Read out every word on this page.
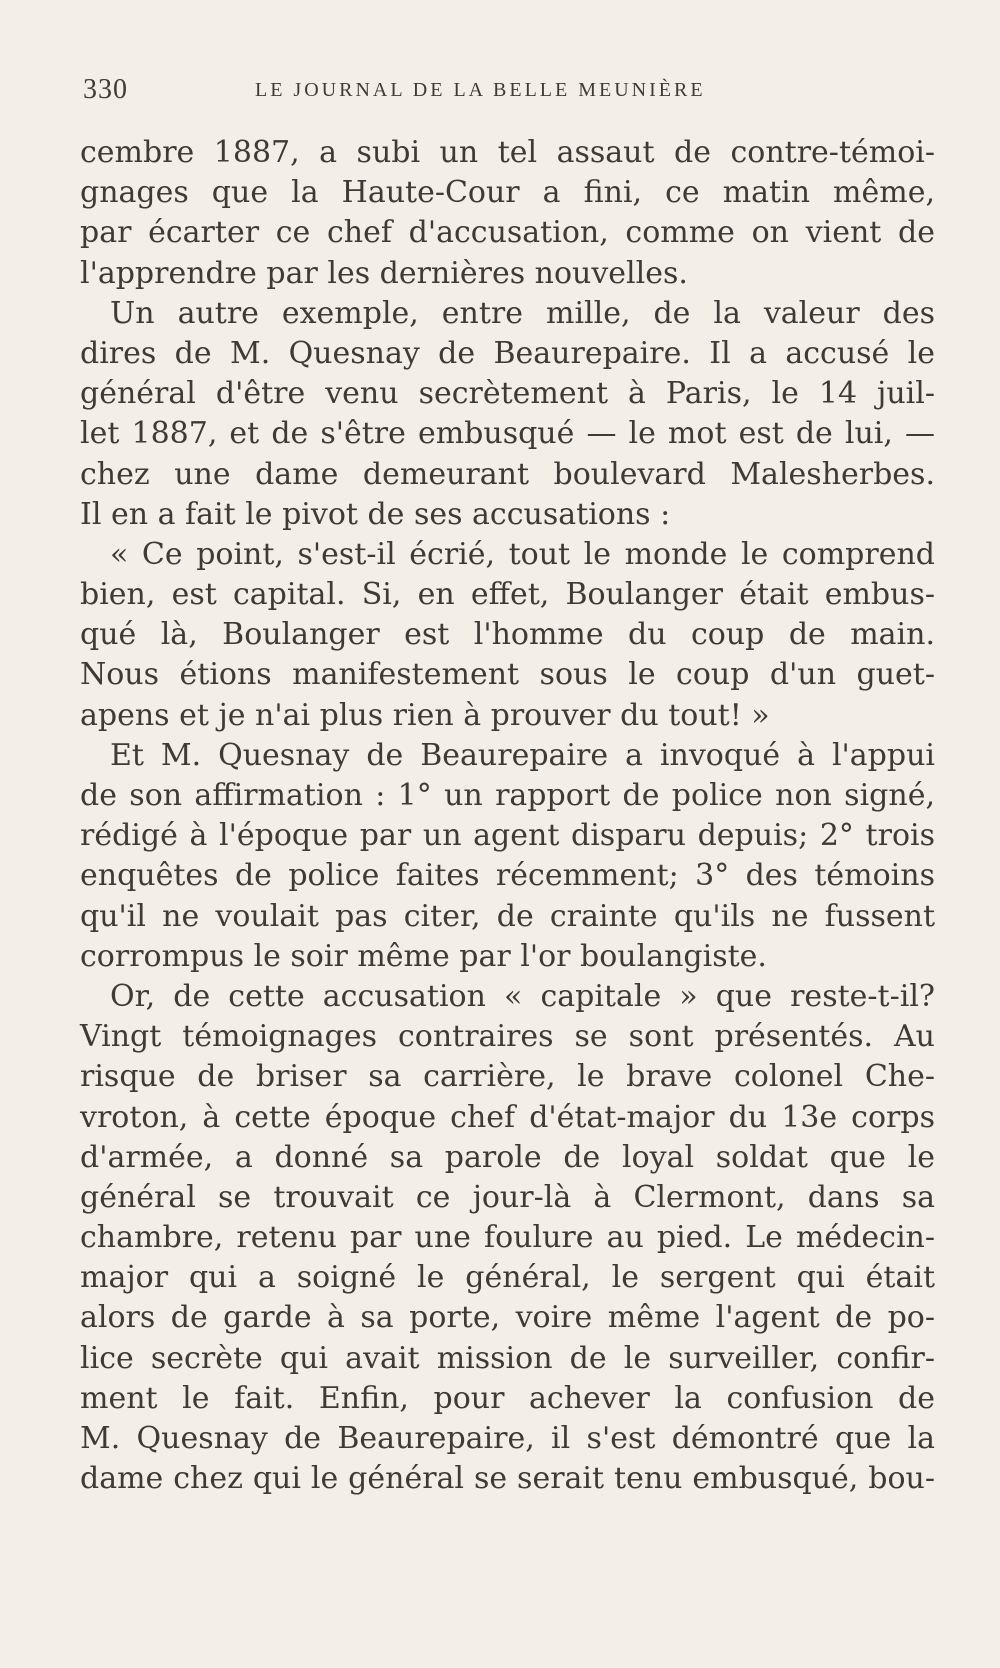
330	LE JOURNAL DE LA BELLE MEUNIÈRE
cembre 1887, a subi un tel assaut de contre-témoi-
gnages que la Haute-Cour a fini, ce matin même,
par écarter ce chef d'accusation, comme on vient de
l'apprendre par les dernières nouvelles.
Un autre exemple, entre mille, de la valeur des
dires de M. Quesnay de Beaurepaire. Il a accusé le
général d'être venu secrètement à Paris, le 14 juil-
let 1887, et de s'être embusqué — le mot est de lui, —
chez une dame demeurant boulevard Malesherbes.
Il en a fait le pivot de ses accusations :
« Ce point, s'est-il écrié, tout le monde le comprend
bien, est capital. Si, en effet, Boulanger était embus-
qué là, Boulanger est l'homme du coup de main.
Nous étions manifestement sous le coup d'un guet-
apens et je n'ai plus rien à prouver du tout! »
Et M. Quesnay de Beaurepaire a invoqué à l'appui
de son affirmation : 1° un rapport de police non signé,
rédigé à l'époque par un agent disparu depuis; 2° trois
enquêtes de police faites récemment; 3° des témoins
qu'il ne voulait pas citer, de crainte qu'ils ne fussent
corrompus le soir même par l'or boulangiste.
Or, de cette accusation « capitale » que reste-t-il?
Vingt témoignages contraires se sont présentés. Au
risque de briser sa carrière, le brave colonel Che-
vroton, à cette époque chef d'état-major du 13e corps
d'armée, a donné sa parole de loyal soldat que le
général se trouvait ce jour-là à Clermont, dans sa
chambre, retenu par une foulure au pied. Le médecin-
major qui a soigné le général, le sergent qui était
alors de garde à sa porte, voire même l'agent de po-
lice secrète qui avait mission de le surveiller, confir-
ment le fait. Enfin, pour achever la confusion de
M. Quesnay de Beaurepaire, il s'est démontré que la
dame chez qui le général se serait tenu embusqué, bou-
